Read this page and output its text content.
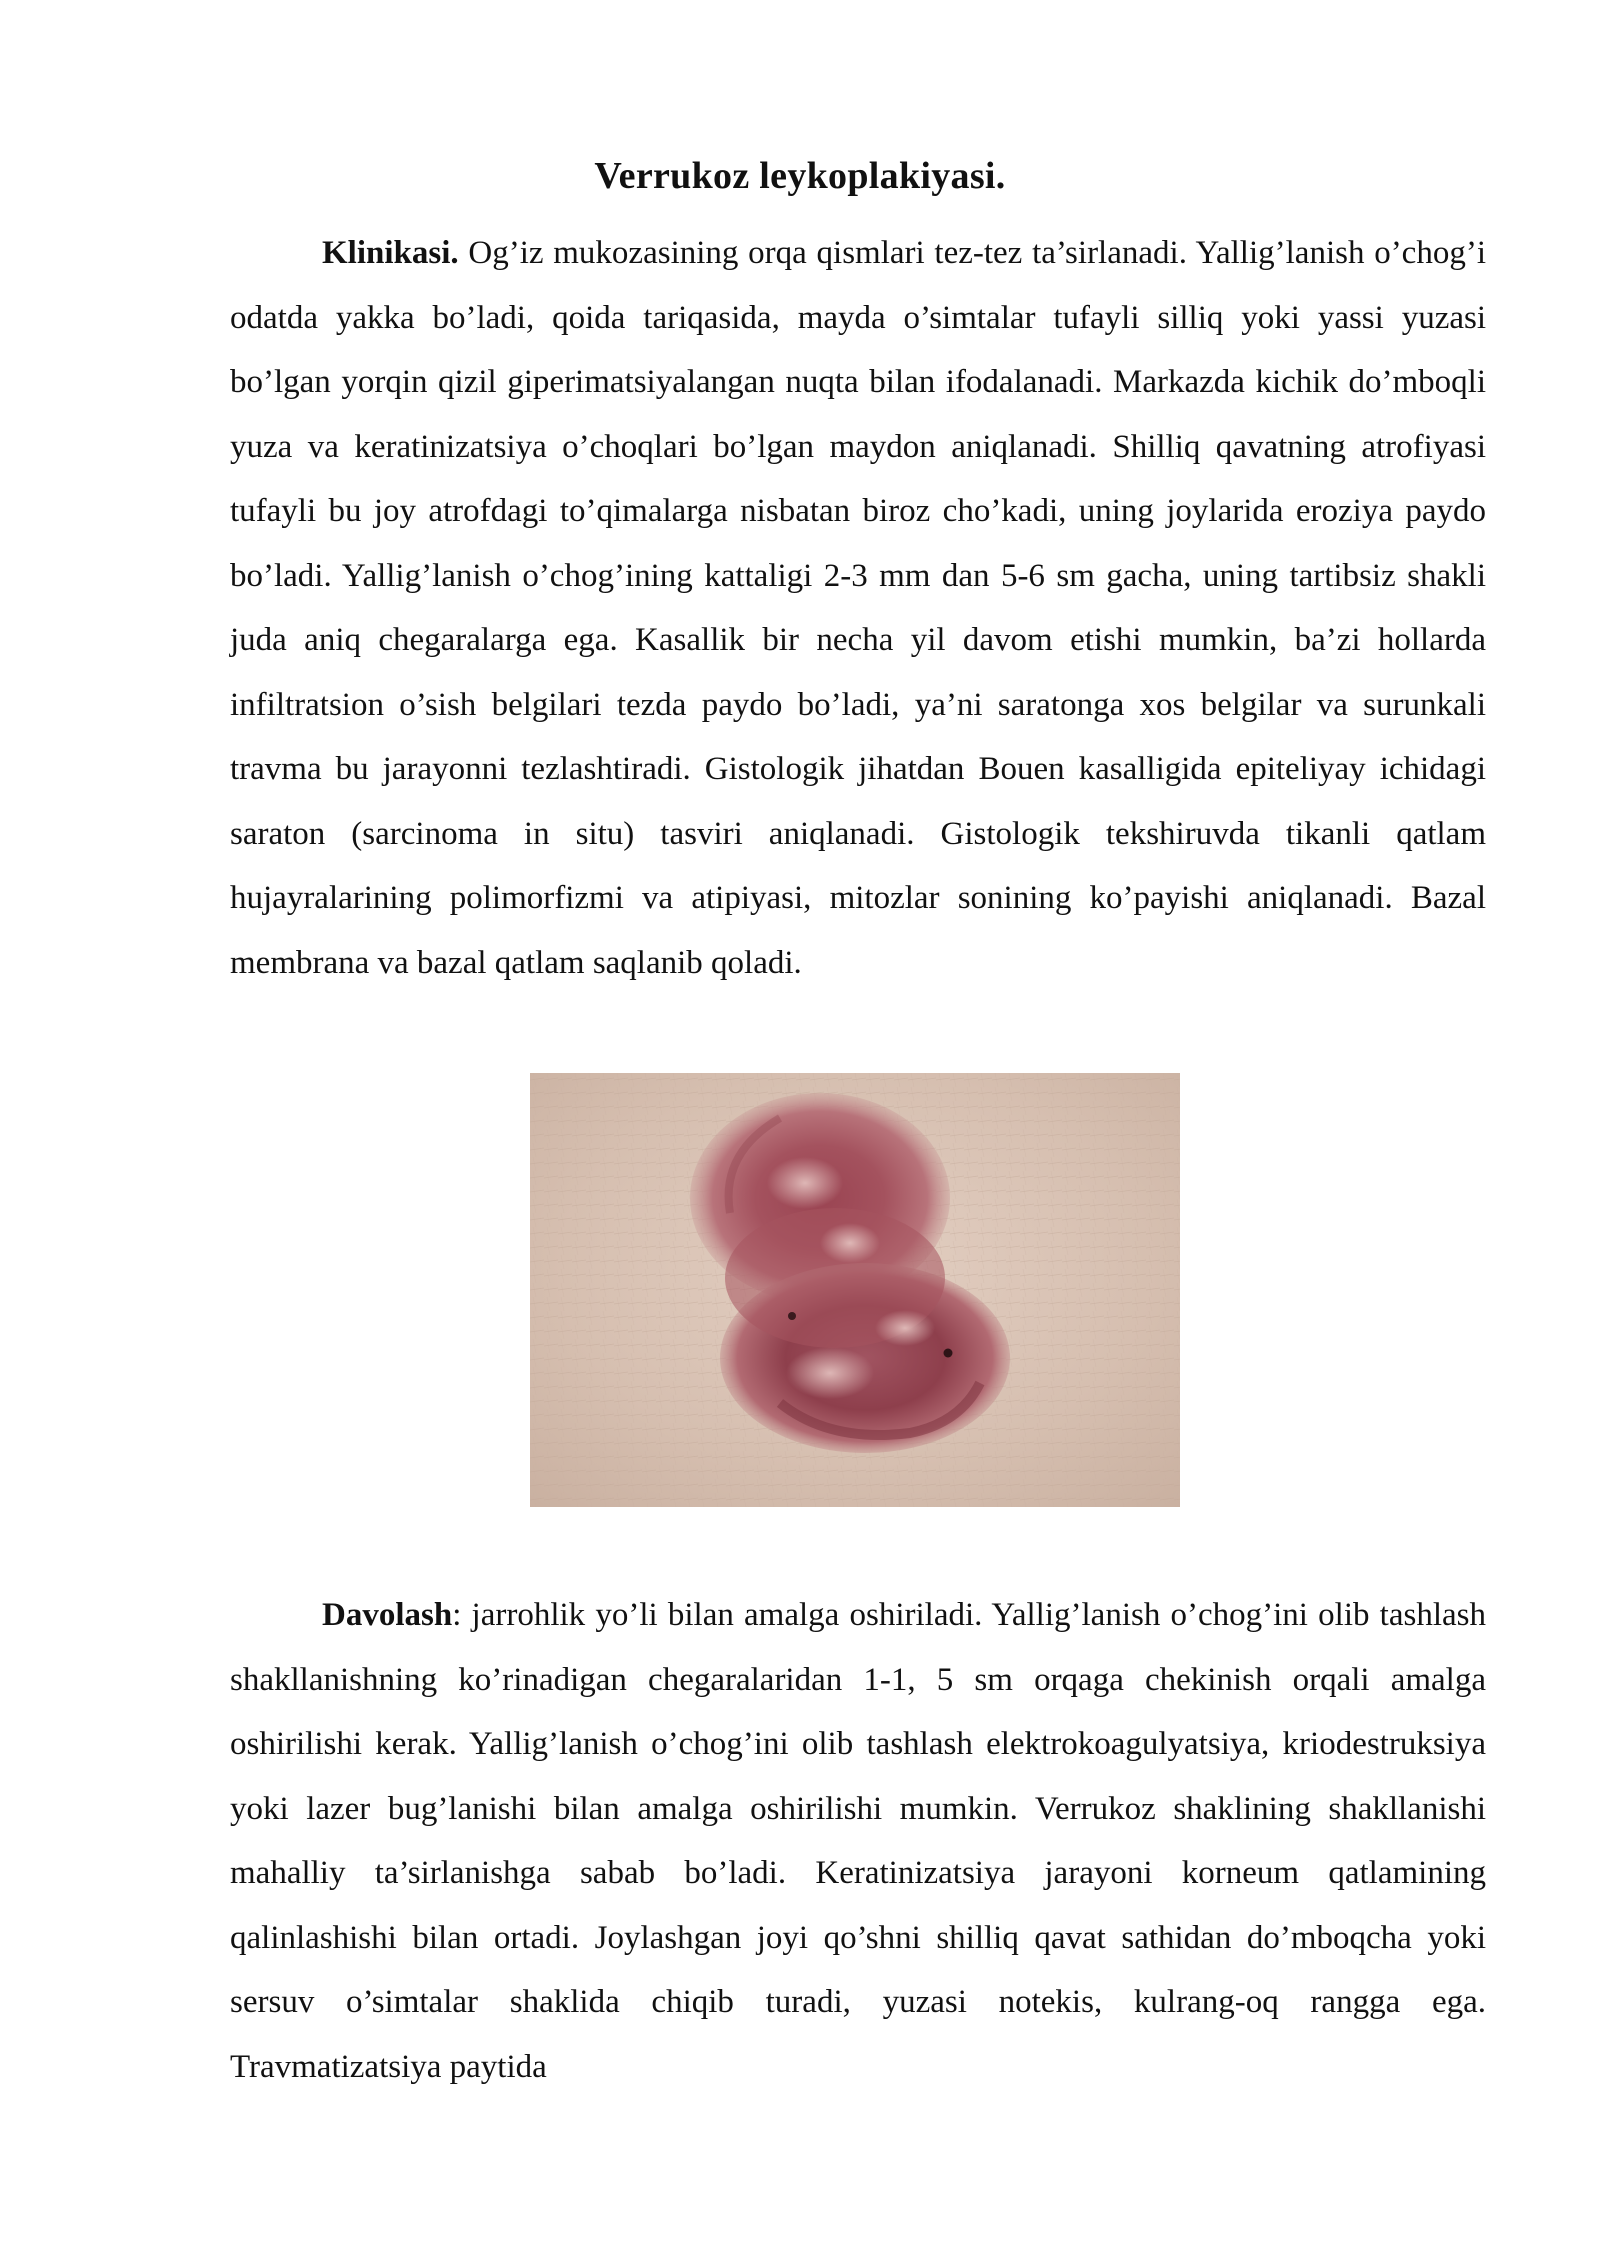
Verrukoz leykoplakiyasi.

Klinikasi. Og’iz mukozasining orqa qismlari tez-tez ta’sirlanadi. Yallig’lanish o’chog’i odatda yakka bo’ladi, qoida tariqasida, mayda o’simtalar tufayli silliq yoki yassi yuzasi bo’lgan yorqin qizil giperimatsiyalangan nuqta bilan ifodalanadi. Markazda kichik do’mboqli yuza va keratinizatsiya o’choqlari bo’lgan maydon aniqlanadi. Shilliq qavatning atrofiyasi tufayli bu joy atrofdagi to’qimalarga nisbatan biroz cho’kadi, uning joylarida eroziya paydo bo’ladi. Yallig’lanish o’chog’ining kattaligi 2-3 mm dan 5-6 sm gacha, uning tartibsiz shakli juda aniq chegaralarga ega. Kasallik bir necha yil davom etishi mumkin, ba’zi hollarda infiltratsion o’sish belgilari tezda paydo bo’ladi, ya’ni saratonga xos belgilar va surunkali travma bu jarayonni tezlashtiradi. Gistologik jihatdan Bouen kasalligida epiteliyay ichidagi saraton (sarcinoma in situ) tasviri aniqlanadi. Gistologik tekshiruvda tikanli qatlam hujayralarining polimorfizmi va atipiyasi, mitozlar sonining ko’payishi aniqlanadi. Bazal membrana va bazal qatlam saqlanib qoladi.

Davolash: jarrohlik yo’li bilan amalga oshiriladi. Yallig’lanish o’chog’ini olib tashlash shakllanishning ko’rinadigan chegaralaridan 1-1, 5 sm orqaga chekinish orqali amalga oshirilishi kerak. Yallig’lanish o’chog’ini olib tashlash elektrokoagulyatsiya, kriodestruksiya yoki lazer bug’lanishi bilan amalga oshirilishi mumkin. Verrukoz shaklining shakllanishi mahalliy ta’sirlanishga sabab bo’ladi. Keratinizatsiya jarayoni korneum qatlamining qalinlashishi bilan ortadi. Joylashgan joyi qo’shni shilliq qavat sathidan do’mboqcha yoki sersuv o’simtalar shaklida chiqib turadi, yuzasi notekis, kulrang-oq rangga ega. Travmatizatsiya paytida
